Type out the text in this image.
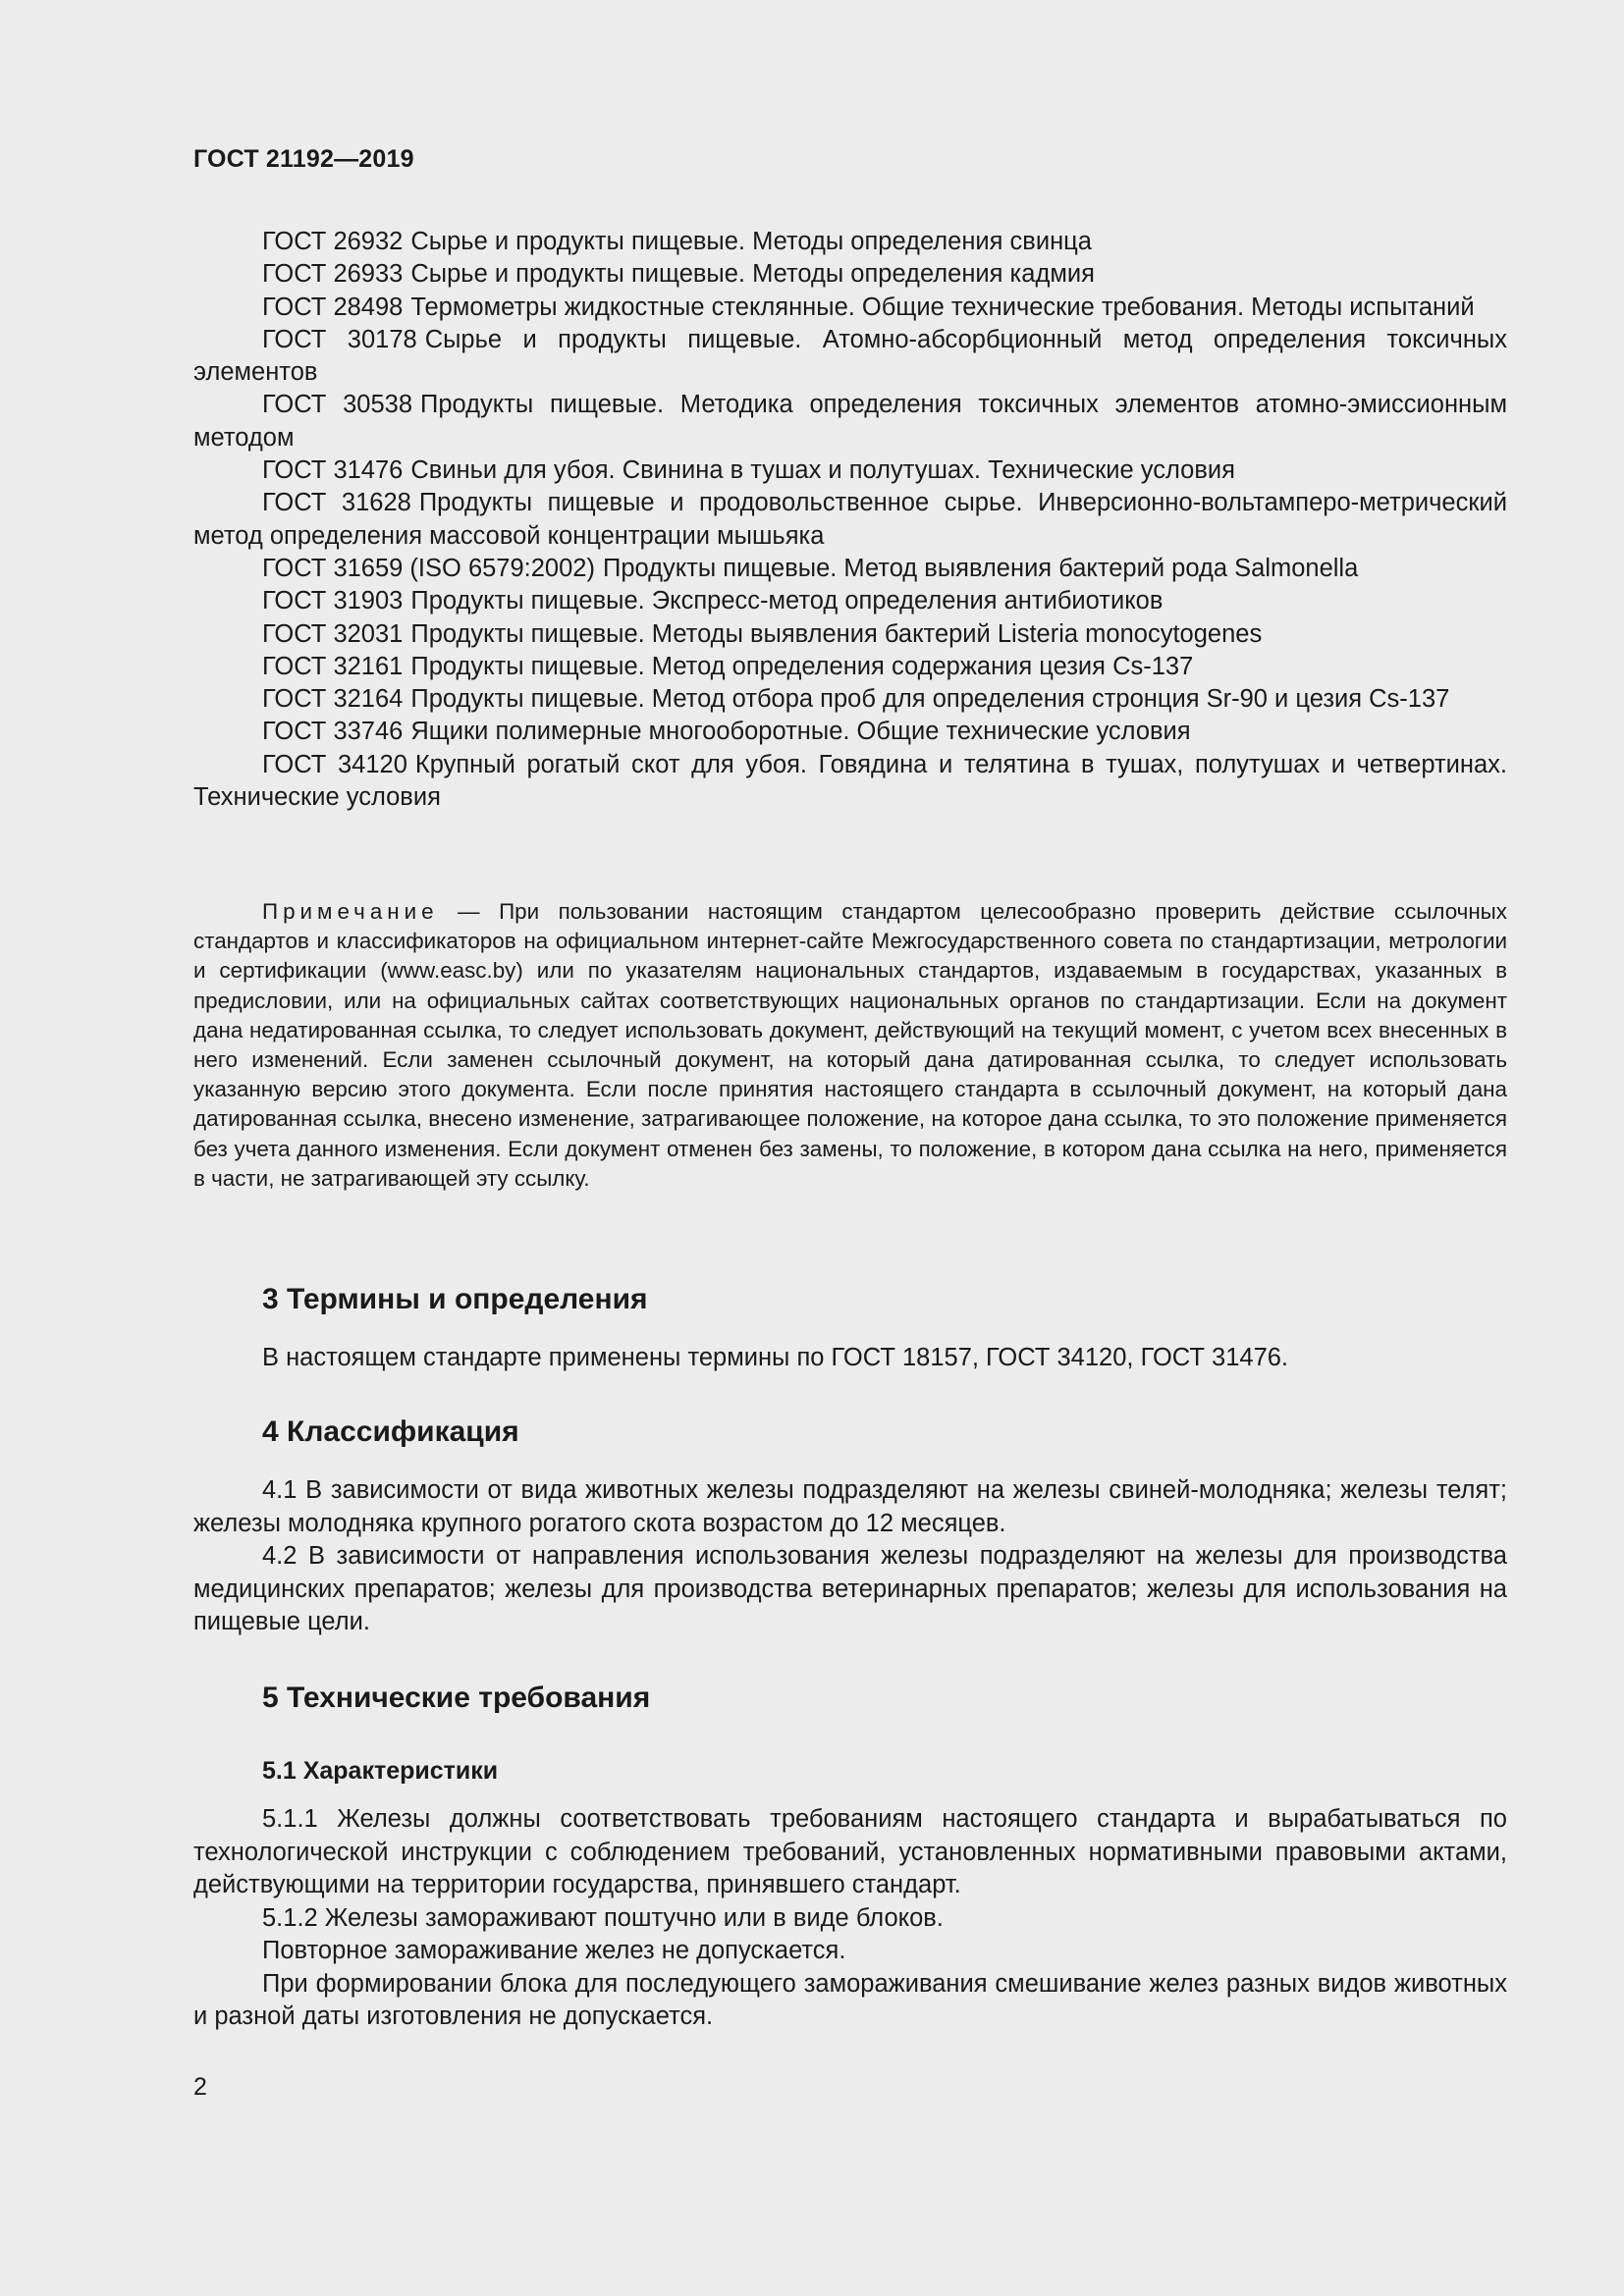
ГОСТ 21192—2019

ГОСТ 26932 Сырье и продукты пищевые. Методы определения свинца

ГОСТ 26933 Сырье и продукты пищевые. Методы определения кадмия

ГОСТ 28498 Термометры жидкостные стеклянные. Общие технические требования. Методы испытаний

ГОСТ 30178 Сырье и продукты пищевые. Атомно-абсорбционный метод определения токсичных элементов

ГОСТ 30538 Продукты пищевые. Методика определения токсичных элементов атомно-эмиссионным методом

ГОСТ 31476 Свиньи для убоя. Свинина в тушах и полутушах. Технические условия

ГОСТ 31628 Продукты пищевые и продовольственное сырье. Инверсионно-вольтамперо-метрический метод определения массовой концентрации мышьяка

ГОСТ 31659 (ISO 6579:2002) Продукты пищевые. Метод выявления бактерий рода Salmonella

ГОСТ 31903 Продукты пищевые. Экспресс-метод определения антибиотиков

ГОСТ 32031 Продукты пищевые. Методы выявления бактерий Listeria monocytogenes

ГОСТ 32161 Продукты пищевые. Метод определения содержания цезия Cs-137

ГОСТ 32164 Продукты пищевые. Метод отбора проб для определения стронция Sr-90 и цезия Cs-137

ГОСТ 33746 Ящики полимерные многооборотные. Общие технические условия

ГОСТ 34120 Крупный рогатый скот для убоя. Говядина и телятина в тушах, полутушах и четвертинах. Технические условия

Примечание — При пользовании настоящим стандартом целесообразно проверить действие ссылочных стандартов и классификаторов на официальном интернет-сайте Межгосударственного совета по стандартизации, метрологии и сертификации (www.easc.by) или по указателям национальных стандартов, издаваемым в государствах, указанных в предисловии, или на официальных сайтах соответствующих национальных органов по стандартизации. Если на документ дана недатированная ссылка, то следует использовать документ, действующий на текущий момент, с учетом всех внесенных в него изменений. Если заменен ссылочный документ, на который дана датированная ссылка, то следует использовать указанную версию этого документа. Если после принятия настоящего стандарта в ссылочный документ, на который дана датированная ссылка, внесено изменение, затрагивающее положение, на которое дана ссылка, то это положение применяется без учета данного изменения. Если документ отменен без замены, то положение, в котором дана ссылка на него, применяется в части, не затрагивающей эту ссылку.

3 Термины и определения

В настоящем стандарте применены термины по ГОСТ 18157, ГОСТ 34120, ГОСТ 31476.

4 Классификация

4.1 В зависимости от вида животных железы подразделяют на железы свиней-молодняка; железы телят; железы молодняка крупного рогатого скота возрастом до 12 месяцев.

4.2 В зависимости от направления использования железы подразделяют на железы для производства медицинских препаратов; железы для производства ветеринарных препаратов; железы для использования на пищевые цели.

5 Технические требования
5.1 Характеристики

5.1.1 Железы должны соответствовать требованиям настоящего стандарта и вырабатываться по технологической инструкции с соблюдением требований, установленных нормативными правовыми актами, действующими на территории государства, принявшего стандарт.

5.1.2 Железы замораживают поштучно или в виде блоков.

Повторное замораживание желез не допускается.

При формировании блока для последующего замораживания смешивание желез разных видов животных и разной даты изготовления не допускается.

2
